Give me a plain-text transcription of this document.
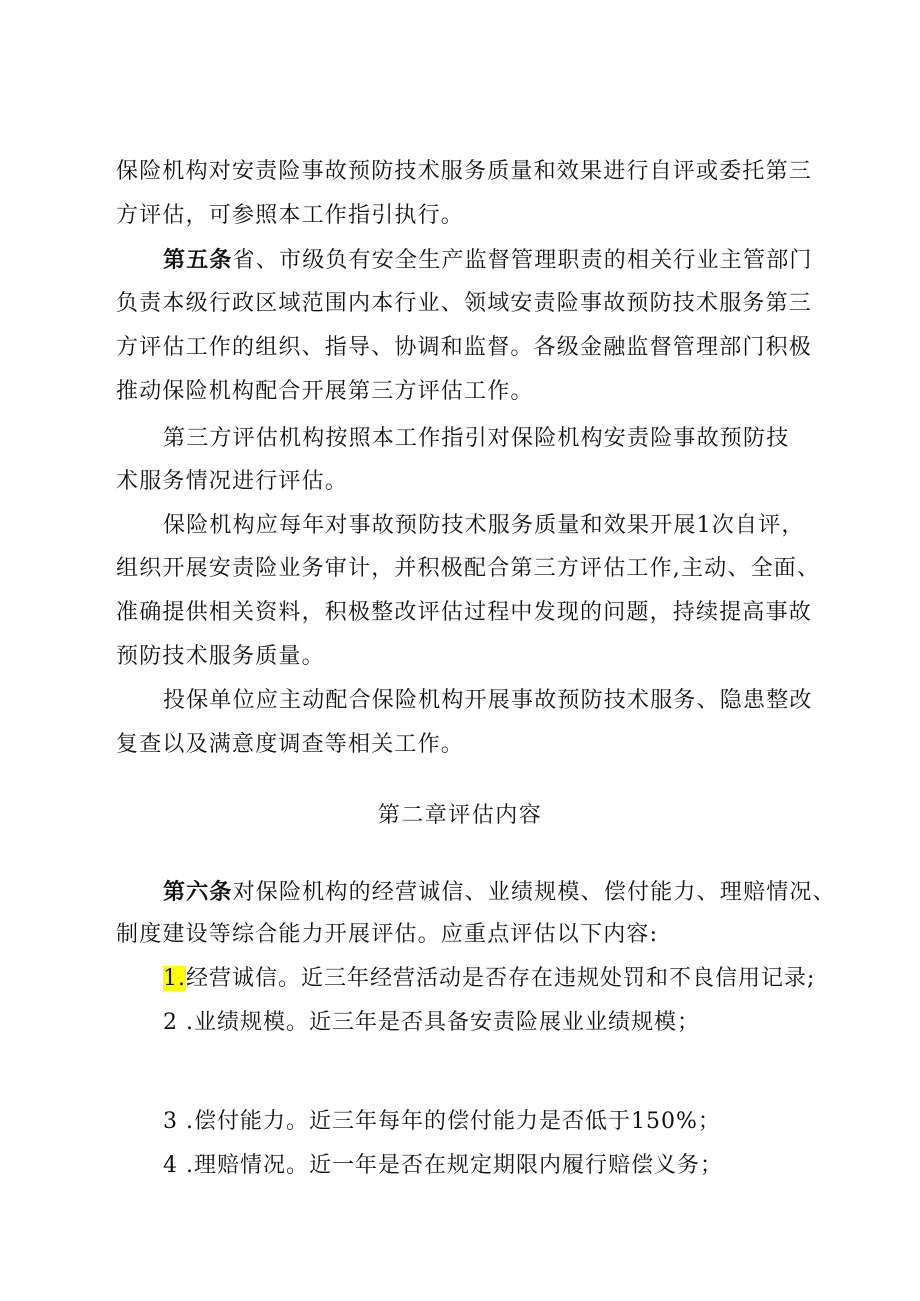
保险机构对安责险事故预防技术服务质量和效果进行自评或委托第三
方评估，可参照本工作指引执行。
第五条省、市级负有安全生产监督管理职责的相关行业主管部门
负责本级行政区域范围内本行业、领域安责险事故预防技术服务第三
方评估工作的组织、指导、协调和监督。各级金融监督管理部门积极
推动保险机构配合开展第三方评估工作。
第三方评估机构按照本工作指引对保险机构安责险事故预防技
术服务情况进行评估。
保险机构应每年对事故预防技术服务质量和效果开展1次自评，
组织开展安责险业务审计，并积极配合第三方评估工作,主动、全面、
准确提供相关资料，积极整改评估过程中发现的问题，持续提高事故
预防技术服务质量。
投保单位应主动配合保险机构开展事故预防技术服务、隐患整改
复查以及满意度调查等相关工作。
第二章评估内容
第六条对保险机构的经营诚信、业绩规模、偿付能力、理赔情况、
制度建设等综合能力开展评估。应重点评估以下内容:
1.经营诚信。近三年经营活动是否存在违规处罚和不良信用记录;
2 .业绩规模。近三年是否具备安责险展业业绩规模；
3 .偿付能力。近三年每年的偿付能力是否低于150%；
4 .理赔情况。近一年是否在规定期限内履行赔偿义务；
